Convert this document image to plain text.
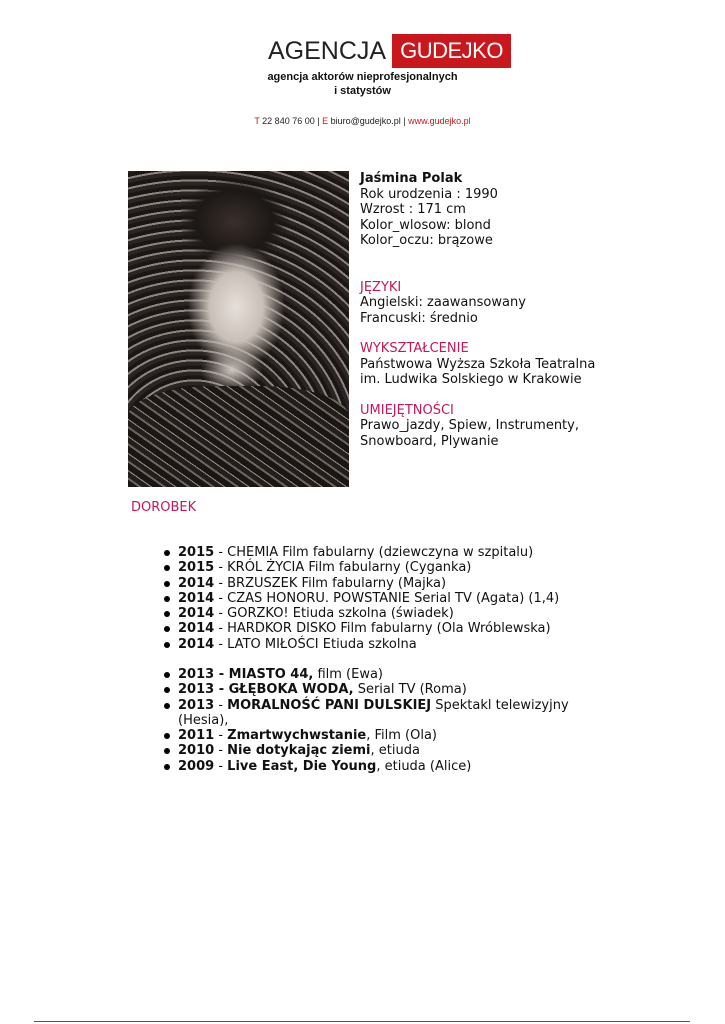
AGENCJA GUDEJKO
agencja aktorów nieprofesjonalnych
i statystów
T 22 840 76 00 | E biuro@gudejko.pl | www.gudejko.pl
Jaśmina Polak
Rok urodzenia : 1990
Wzrost : 171 cm
Kolor_wlosow: blond
Kolor_oczu: brązowe
JĘZYKI
Angielski: zaawansowany
Francuski: średnio
WYKSZTAŁCENIE
Państwowa Wyższa Szkoła Teatralna
im. Ludwika Solskiego w Krakowie
UMIEJĘTNOŚCI
Prawo_jazdy, Spiew, Instrumenty,
Snowboard, Plywanie
DOROBEK
2015 - CHEMIA Film fabularny (dziewczyna w szpitalu)
2015 - KRÓL ŻYCIA Film fabularny (Cyganka)
2014 - BRZUSZEK Film fabularny (Majka)
2014 - CZAS HONORU. POWSTANIE Serial TV (Agata) (1,4)
2014 - GORZKO! Etiuda szkolna (świadek)
2014 - HARDKOR DISKO Film fabularny (Ola Wróblewska)
2014 - LATO MIŁOŚCI Etiuda szkolna
2013 - MIASTO 44, film (Ewa)
2013 - GŁĘBOKA WODA, Serial TV (Roma)
2013 - MORALNOŚĆ PANI DULSKIEJ Spektakl telewizyjny (Hesia),
2011 - Zmartwychwstanie, Film (Ola)
2010 - Nie dotykając ziemi, etiuda
2009 - Live East, Die Young, etiuda (Alice)
